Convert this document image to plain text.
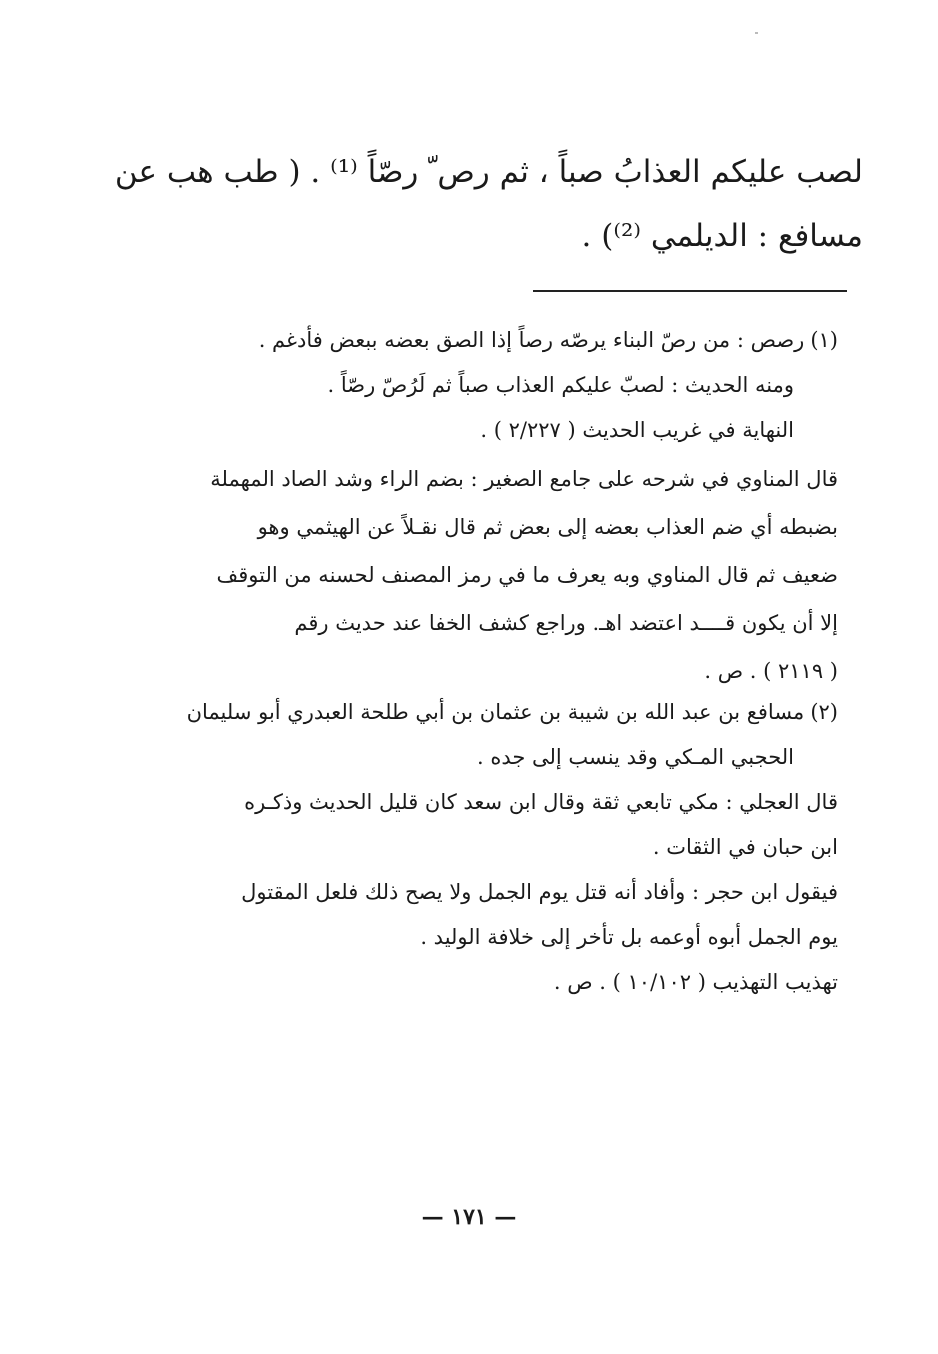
لصب عليكم العذابُ صباً ، ثم رص ّ رصّاً ⁽¹⁾ . ( طب هب عن
مسافع : الديلمي ⁽²⁾) .
(١)رصص : من رصّ البناء يرصّه رصاً إذا الصق بعضه ببعض فأدغم .
ومنه الحديث : لصبّ عليكم العذاب صباً ثم لَرُصّ رصّاً .
النهاية في غريب الحديث ( ٢/٢٢٧ ) .
قال المناوي في شرحه على جامع الصغير : بضم الراء وشد الصاد المهملة
بضبطه أي ضم العذاب بعضه إلى بعض ثم قال نقـلاً عن الهيثمي وهو
ضعيف ثم قال المناوي وبه يعرف ما في رمز المصنف لحسنه من التوقف
إلا أن يكون قــــد اعتضد اهـ. وراجع كشف الخفا عند حديث رقم
( ٢١١٩ ) . ص .
(٢)مسافع بن عبد الله بن شيبة بن عثمان بن أبي طلحة العبدري أبو سليمان
الحجبي المـكي وقد ينسب إلى جده .
قال العجلي : مكي تابعي ثقة وقال ابن سعد كان قليل الحديث وذكـره
ابن حبان في الثقات .
فيقول ابن حجر : وأفاد أنه قتل يوم الجمل ولا يصح ذلك فلعل المقتول
يوم الجمل أبوه أوعمه بل تأخر إلى خلافة الوليد .
تهذيب التهذيب ( ١٠/١٠٢ ) . ص .
— ١٧١ —
